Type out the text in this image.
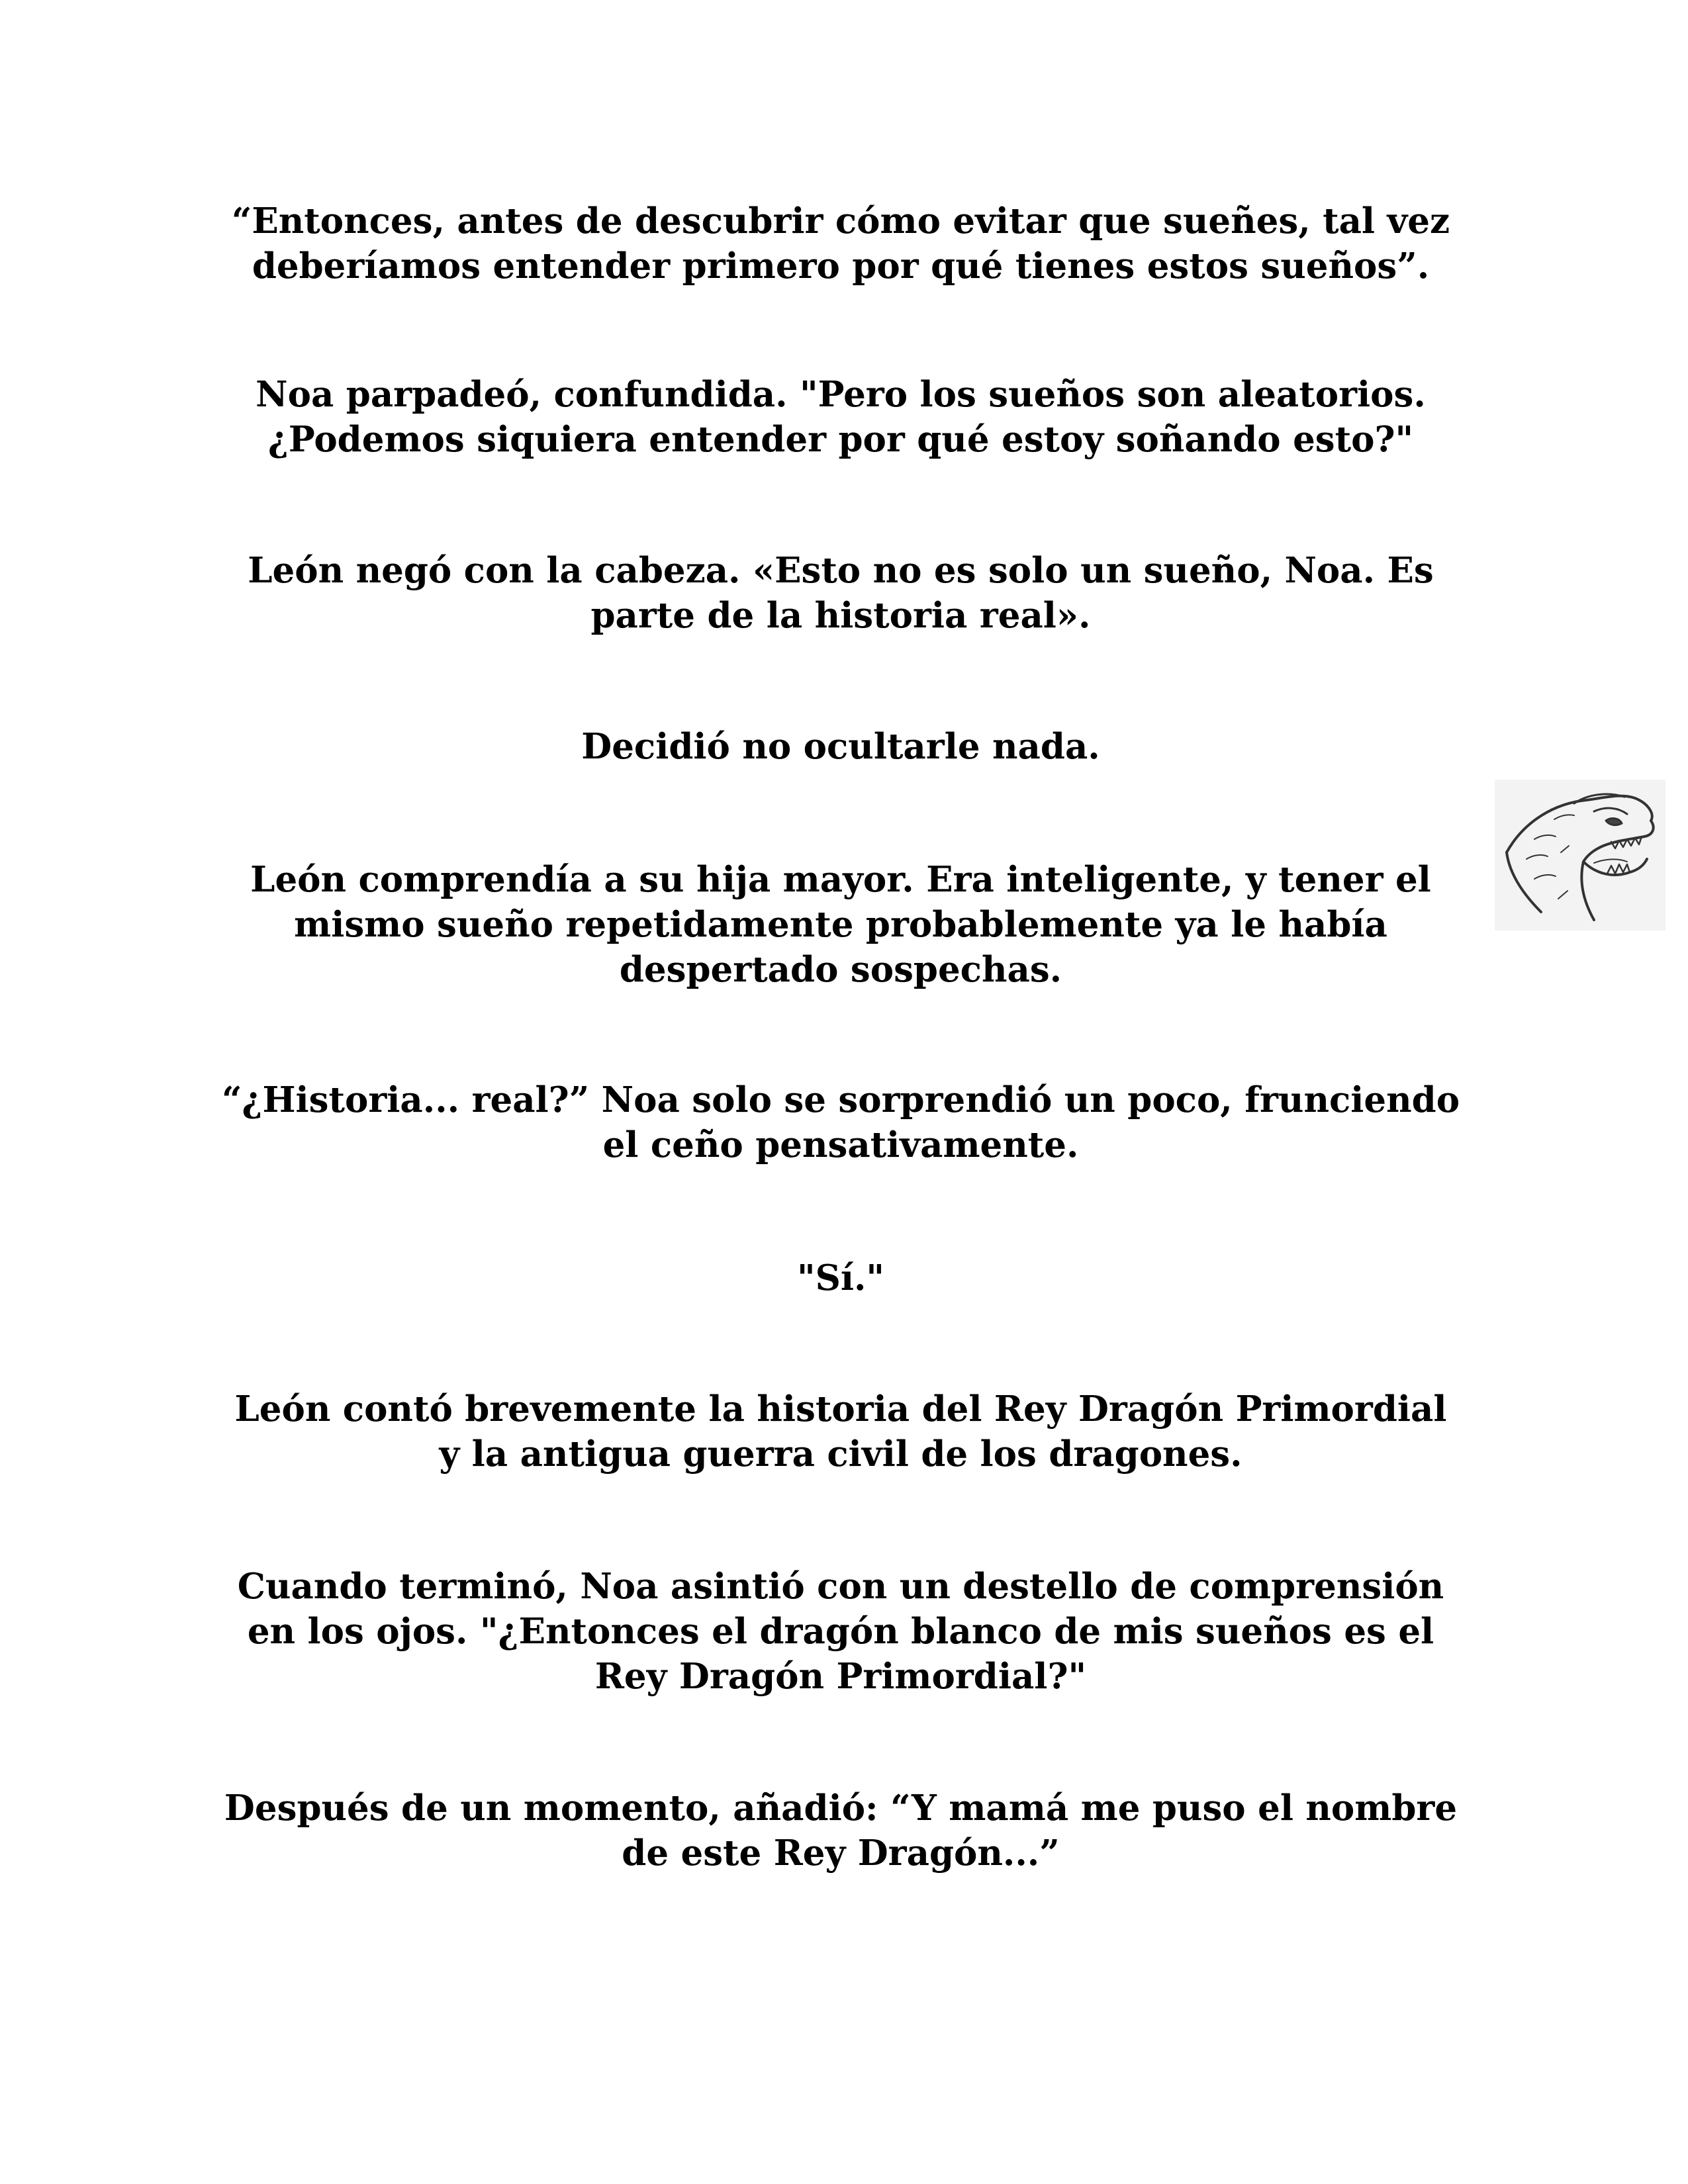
“Entonces, antes de descubrir cómo evitar que sueñes, tal vez
deberíamos entender primero por qué tienes estos sueños”.
Noa parpadeó, confundida. "Pero los sueños son aleatorios.
¿Podemos siquiera entender por qué estoy soñando esto?"
León negó con la cabeza. «Esto no es solo un sueño, Noa. Es
parte de la historia real».
Decidió no ocultarle nada.
León comprendía a su hija mayor. Era inteligente, y tener el
mismo sueño repetidamente probablemente ya le había
despertado sospechas.
“¿Historia... real?” Noa solo se sorprendió un poco, frunciendo
el ceño pensativamente.
"Sí."
León contó brevemente la historia del Rey Dragón Primordial
y la antigua guerra civil de los dragones.
Cuando terminó, Noa asintió con un destello de comprensión
en los ojos. "¿Entonces el dragón blanco de mis sueños es el
Rey Dragón Primordial?"
Después de un momento, añadió: “Y mamá me puso el nombre
de este Rey Dragón...”
